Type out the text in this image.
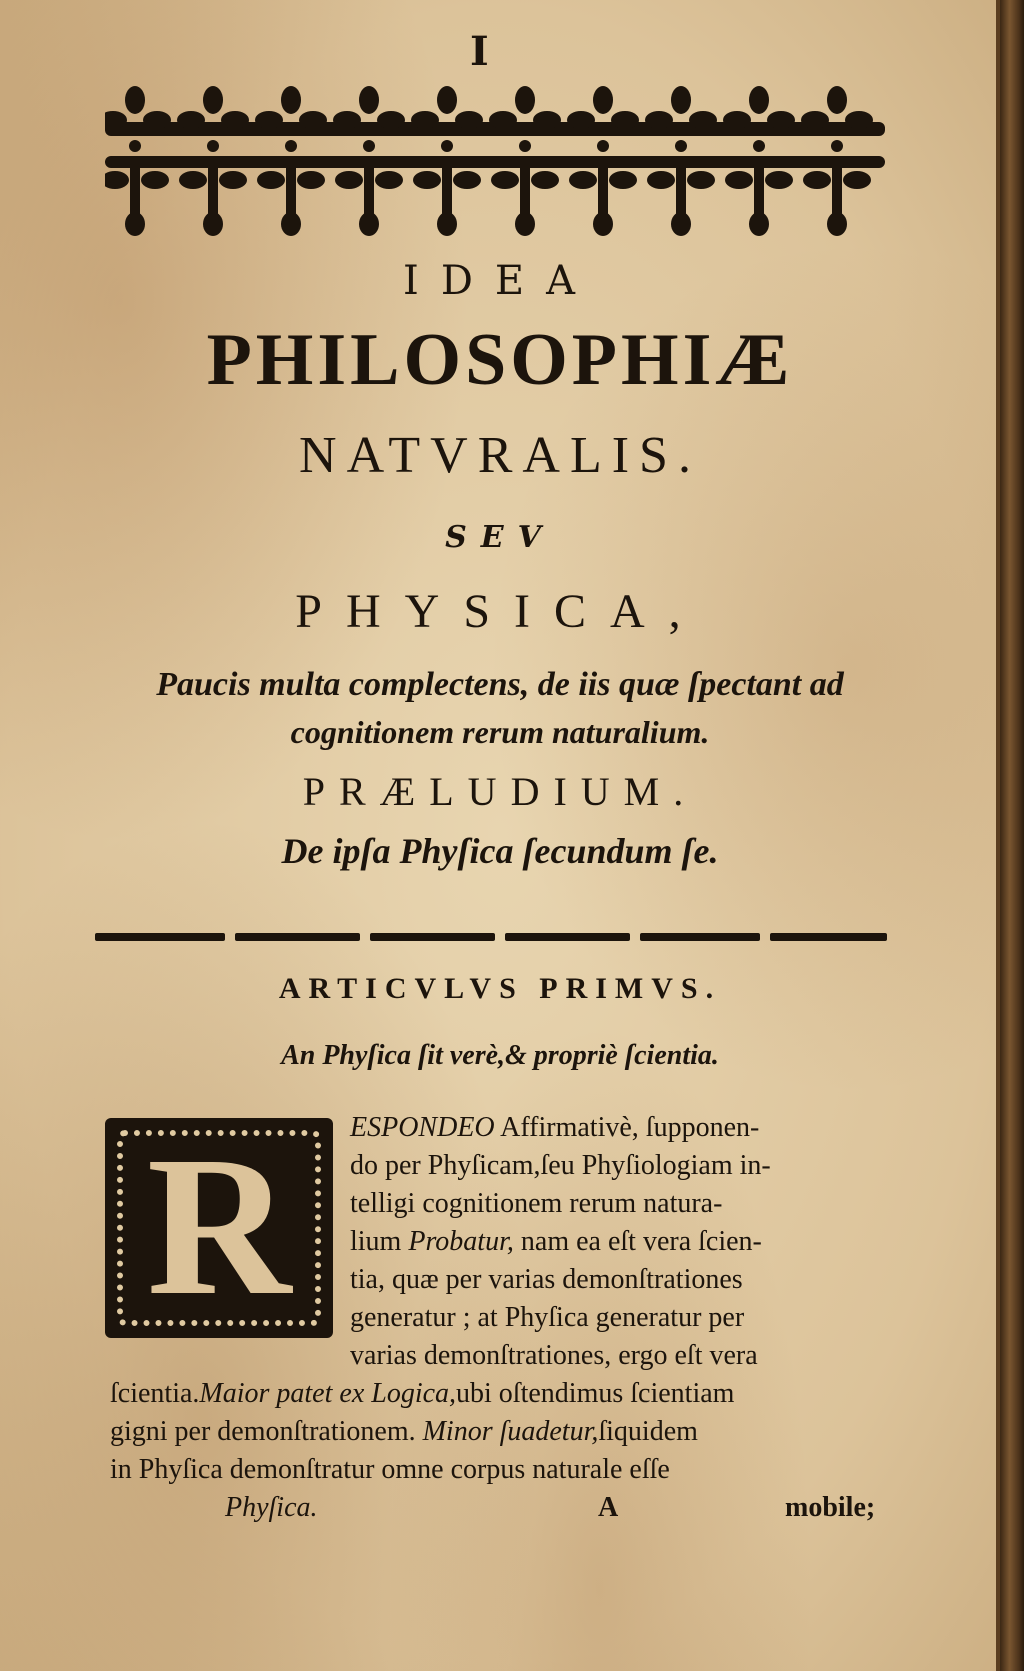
I
IDEA
PHILOSOPHIÆ
NATVRALIS.
SEV
PHYSICA,
Paucis multa complectens, de iis quæ ſpectant ad
cognitionem rerum naturalium.
PRÆLUDIUM.
De ipſa Phyſica ſecundum ſe.
ARTICVLVS PRIMVS.
An Phyſica ſit verè,& propriè ſcientia.
R	ESPONDEO Affirmativè, ſupponen-
do per Phyſicam,ſeu Phyſiologiam in-
telligi cognitionem rerum natura-
lium Probatur, nam ea eſt vera ſcien-
tia, quæ per varias demonſtrationes
generatur ; at Phyſica generatur per
varias demonſtrationes, ergo eſt vera
ſcientia.Maior patet ex Logica,ubi oſtendimus ſcientiam
gigni per demonſtrationem. Minor ſuadetur,ſiquidem
in Phyſica demonſtratur omne corpus naturale eſſe
Phyſica.	A	mobile;
